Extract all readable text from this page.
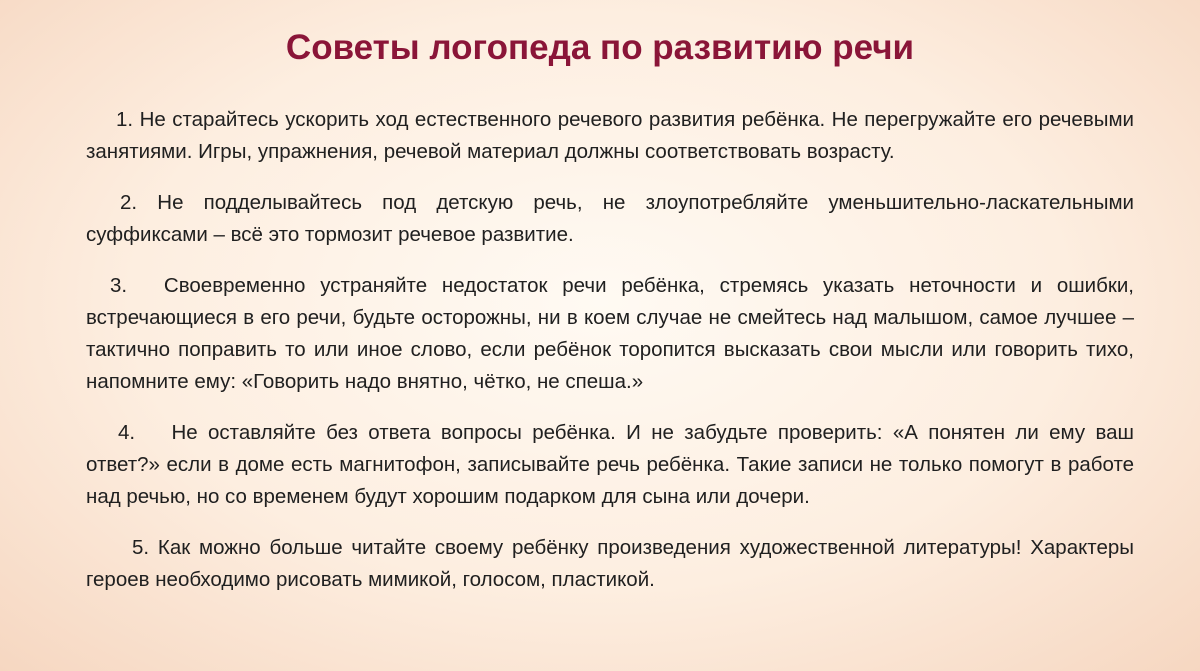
Советы логопеда по развитию речи
1. Не старайтесь ускорить ход естественного речевого развития ребёнка. Не перегружайте его речевыми занятиями. Игры, упражнения, речевой материал должны соответствовать возрасту.
2. Не подделывайтесь под детскую речь, не злоупотребляйте уменьшительно-ласкательными суффиксами – всё это тормозит речевое развитие.
3. Своевременно устраняйте недостаток речи ребёнка, стремясь указать неточности и ошибки, встречающиеся в его речи, будьте осторожны, ни в коем случае не смейтесь над малышом, самое лучшее – тактично поправить то или иное слово, если ребёнок торопится высказать свои мысли или говорить тихо, напомните ему: «Говорить надо внятно, чётко, не спеша.»
4. Не оставляйте без ответа вопросы ребёнка. И не забудьте проверить: «А понятен ли ему ваш ответ?» если в доме есть магнитофон, записывайте речь ребёнка. Такие записи не только помогут в работе над речью, но со временем будут хорошим подарком для сына или дочери.
5. Как можно больше читайте своему ребёнку произведения художественной литературы! Характеры героев необходимо рисовать мимикой, голосом, пластикой.
